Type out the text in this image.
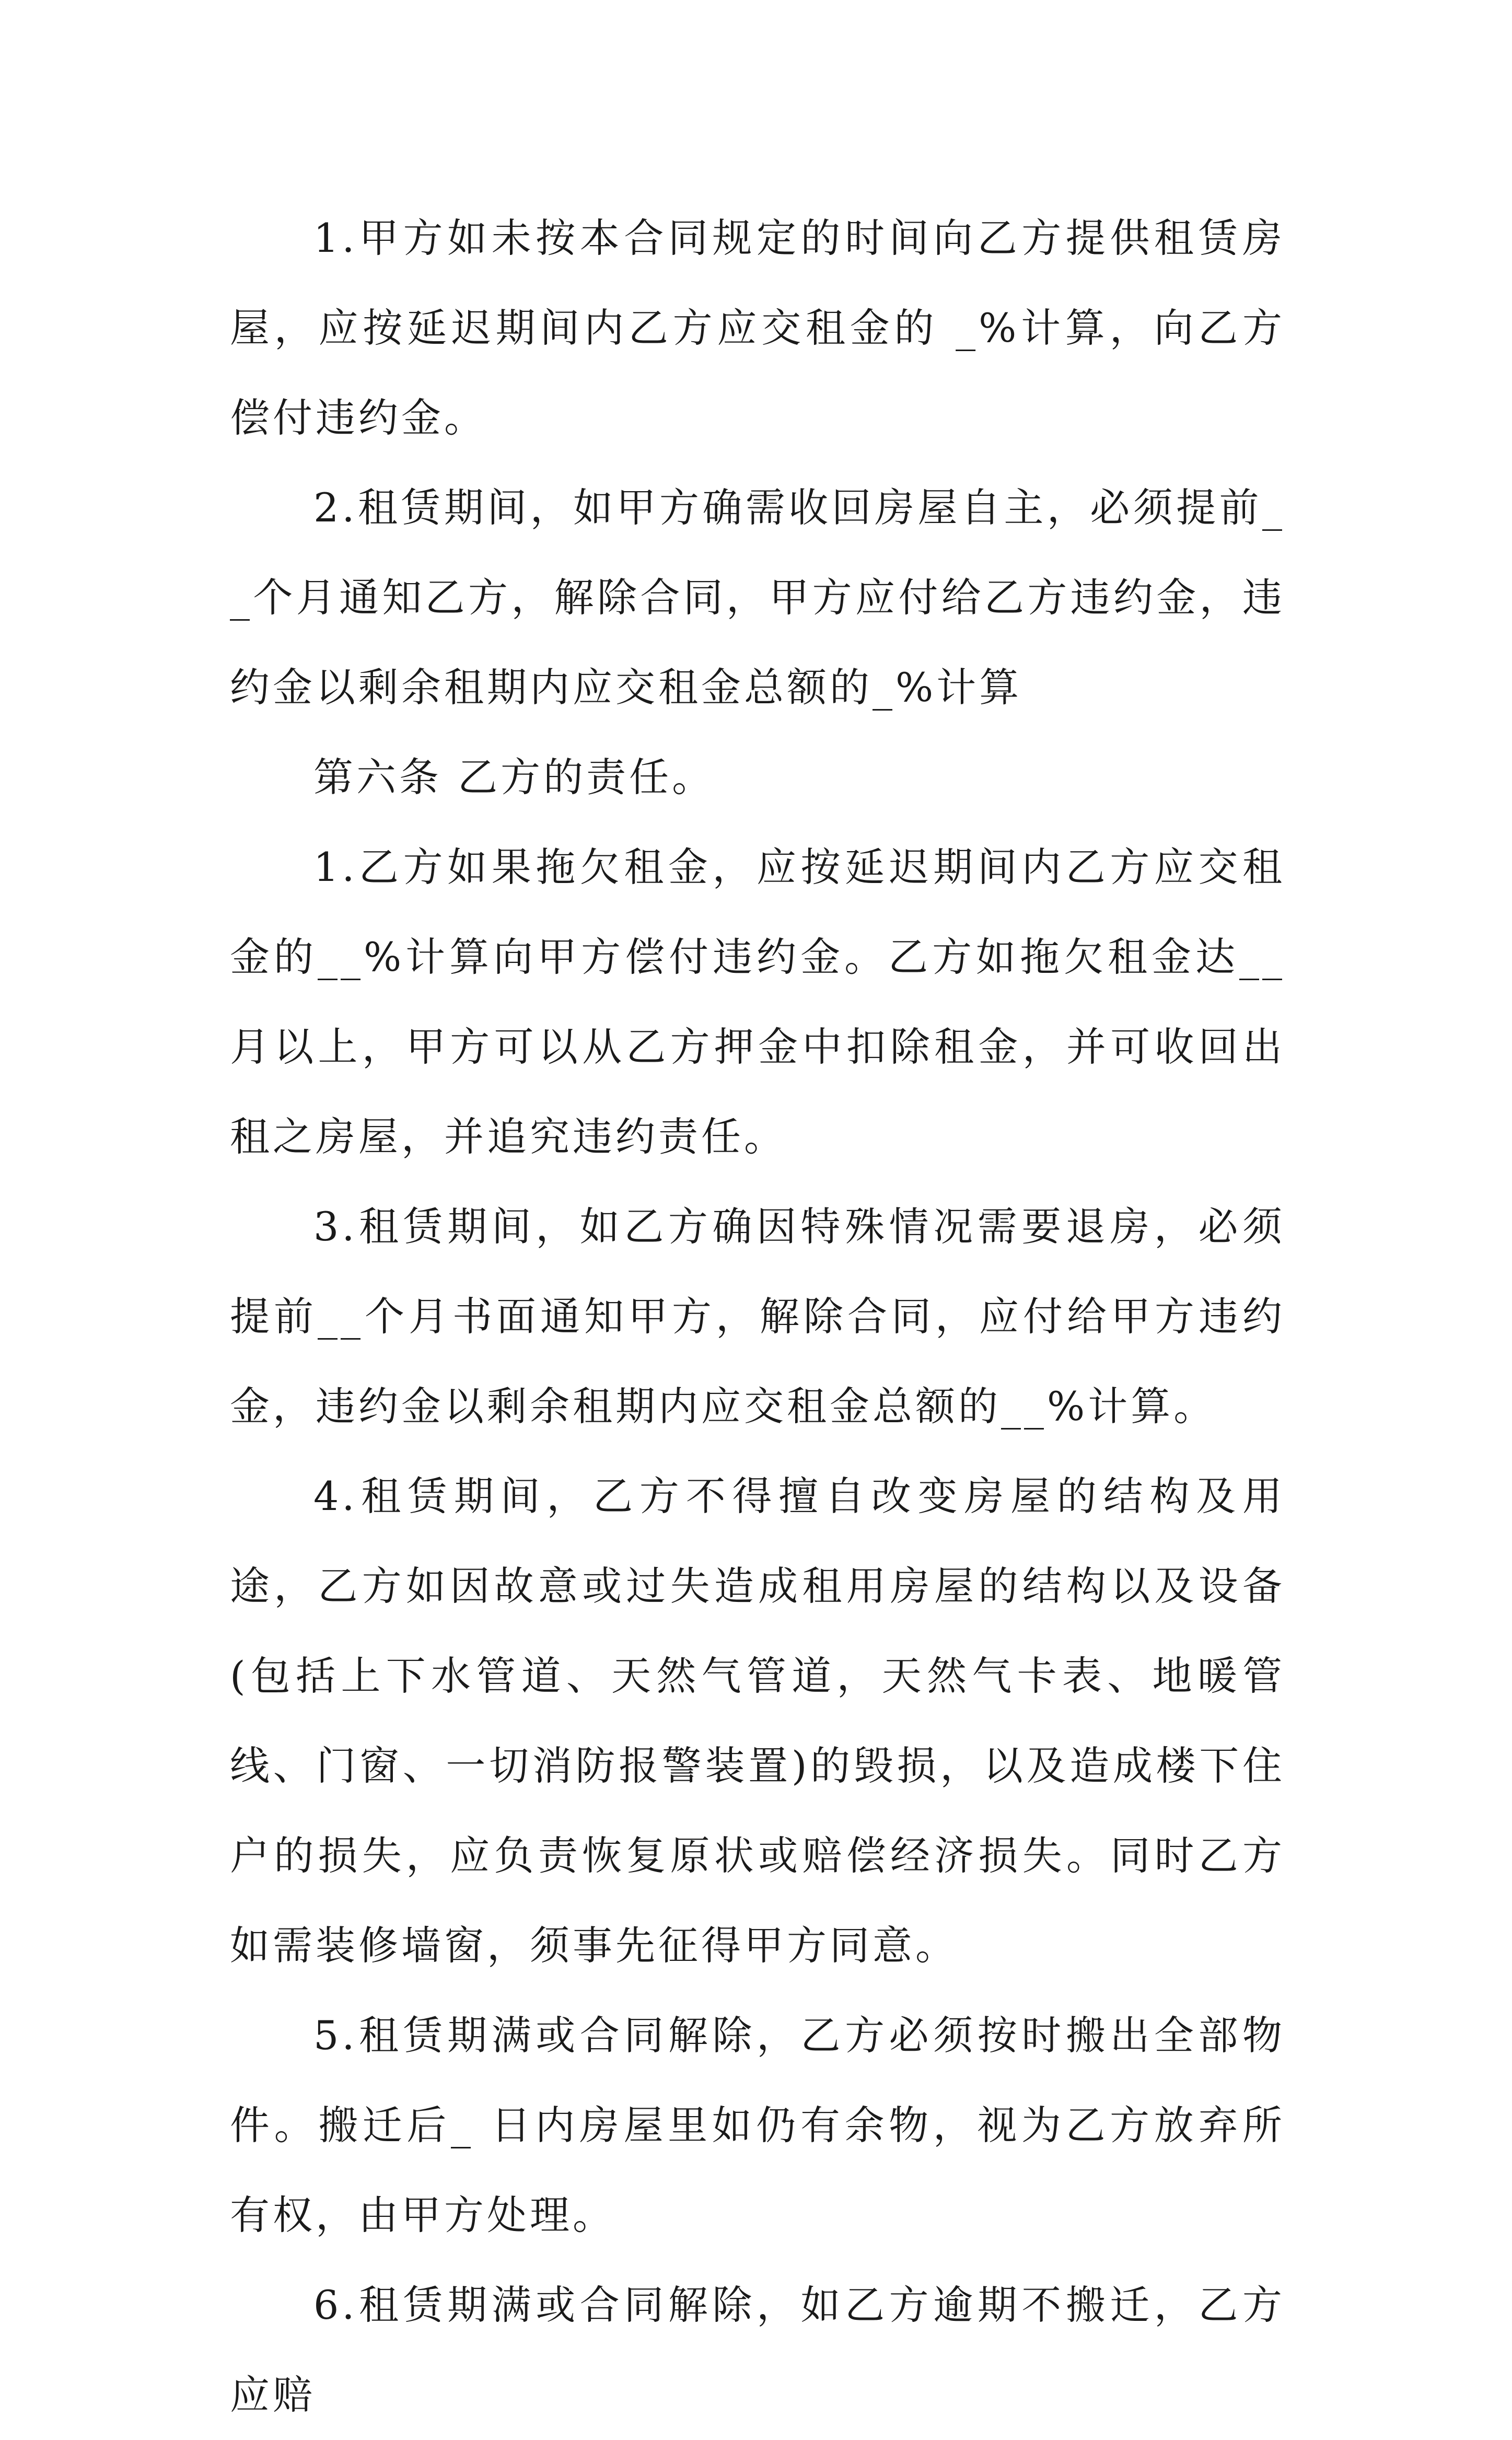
1.甲方如未按本合同规定的时间向乙方提供租赁房屋，应按延迟期间内乙方应交租金的 _%计算，向乙方偿付违约金。

2.租赁期间，如甲方确需收回房屋自主，必须提前__个月通知乙方，解除合同，甲方应付给乙方违约金，违约金以剩余租期内应交租金总额的_%计算

第六条 乙方的责任。

1.乙方如果拖欠租金，应按延迟期间内乙方应交租金的__%计算向甲方偿付违约金。乙方如拖欠租金达__月以上，甲方可以从乙方押金中扣除租金，并可收回出租之房屋，并追究违约责任。

3.租赁期间，如乙方确因特殊情况需要退房，必须提前__个月书面通知甲方，解除合同，应付给甲方违约金，违约金以剩余租期内应交租金总额的__%计算。

4.租赁期间，乙方不得擅自改变房屋的结构及用途，乙方如因故意或过失造成租用房屋的结构以及设备(包括上下水管道、天然气管道，天然气卡表、地暖管线、门窗、一切消防报警装置)的毁损，以及造成楼下住户的损失，应负责恢复原状或赔偿经济损失。同时乙方如需装修墙窗，须事先征得甲方同意。

5.租赁期满或合同解除，乙方必须按时搬出全部物件。搬迁后_ 日内房屋里如仍有余物，视为乙方放弃所有权，由甲方处理。

6.租赁期满或合同解除，如乙方逾期不搬迁，乙方应赔
